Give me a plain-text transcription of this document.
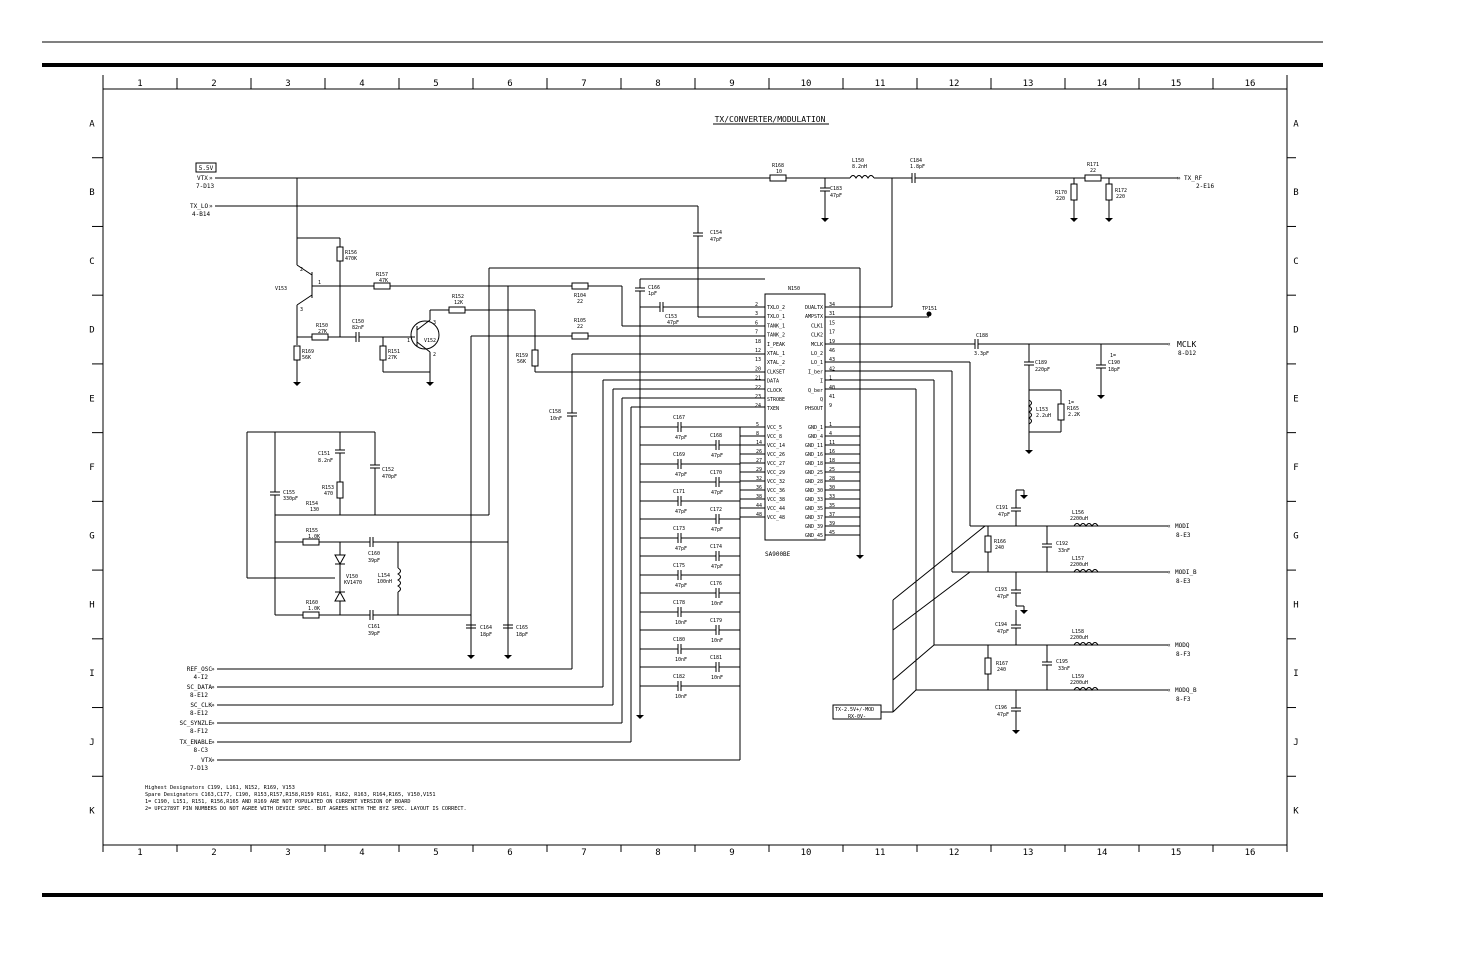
1
1
2
2
3
3
4
4
5
5
6
6
7
7
8
8
9
9
10
10
11
11
12
12
13
13
14
14
15
15
16
16
A	A
B	B
C	C
D	D
E	E
F	F
G	G
H	H
I	I
J	J
K	K
TX/CONVERTER/MODULATION
5.5V
VTX
7-D13
»
R168
10
L150
8.2nH
C184
1.8pF	R171
22
» TX_RF
2-E16
C183
47pF	R170
220
R172
220
TX_LO
4-B14
»
C154
47pF
R156
470K
V153
2
3
1
R157
47K
R104
22
R150
27K
C150
82nF
R169
56K
R151
27K
V152
1
3
2
R152
12K
R159
56K
R105
22
C166
1pF
C153
47pF
N150
SA900BE
TXLO_2
2
TXLO_1
3
TANK_1
6
TANK_2
7
I_PEAK
18
XTAL_1
12
XTAL_2
13
CLKSET
20
DATA
21
CLOCK
22
STROBE
23
TXEN
24
DUALTX 34
AMPSTX 31
CLK1 15
CLK2 17
MCLK 19
LO_2 46
LO_1 43
I_ber 42
I 1
Q_ber 40
Q 41
PHSOUT 9
VCC_5
5
VCC_8
8
VCC_14
14
VCC_26
26
VCC_27
27
VCC_29
29
VCC_32
32
VCC_36
36
VCC_38
38
VCC_44
44
VCC_48
48
GND_1 1
GND_4 4
GND_11 11
GND_16 16
GND_18 18
GND_25 25
GND_28 28
GND_30 30
GND_33 33
GND_35 35
GND_37 37
GND_39 39
GND_45 45
TP151
C188
3.3pF
« MCLK
8-D12
C189
220pF
1=
C190
18pF
L153
2.2uH
1=
R165
2.2K
TX-2.5V+/-MOD
RX-0V-
C191
47pF	L156
2200uH
R166
240
C192
33nF
L157
2200uH
C193
47pF
C194
47pF	L158
2200uH
R167
240
C195
33nF
L159
2200uH
C196
47pF
« MODI
8-E3
« MODI_B
8-E3
« MODQ
8-F3
« MODQ_B
8-F3
C151
8.2nF
R153
470
C152
470pF
C155
330pF
R154
130
R155
1.0K
C160
39pF
V150
KV1470
L154
100nH
R160
1.0K
C161
39pF
C164
18pF
C165
18pF
C158
10nF
REF_OSC
4-I2
»
SC_DATA
8-E12
»
SC_CLK
8-E12
»
SC_SYNZLE
8-F12
»
TX_ENABLE
8-C3
»
VTX
7-D13
»
C167
47pF
C169
47pF
C171
47pF
C173
47pF
C175
47pF
C178
10nF
C180
10nF
C182
10nF
C168
47pF
C170
47pF
C172
47pF
C174
47pF
C176
10nF
C179
10nF
C181
10nF
Highest Designators C199, L161, N152, R169, V153
Spare Designators C163,C177, C190, R153,R157,R158,R159 R161, R162, R163, R164,R165, V150,V151
1= C190, L151, R151, R156,R165 AND R169 ARE NOT POPULATED ON CURRENT VERSION OF BOARD
2= UPC2789T PIN NUMBERS DO NOT AGREE WITH DEVICE SPEC. BUT AGREES WITH THE BYZ SPEC. LAYOUT IS CORRECT.
